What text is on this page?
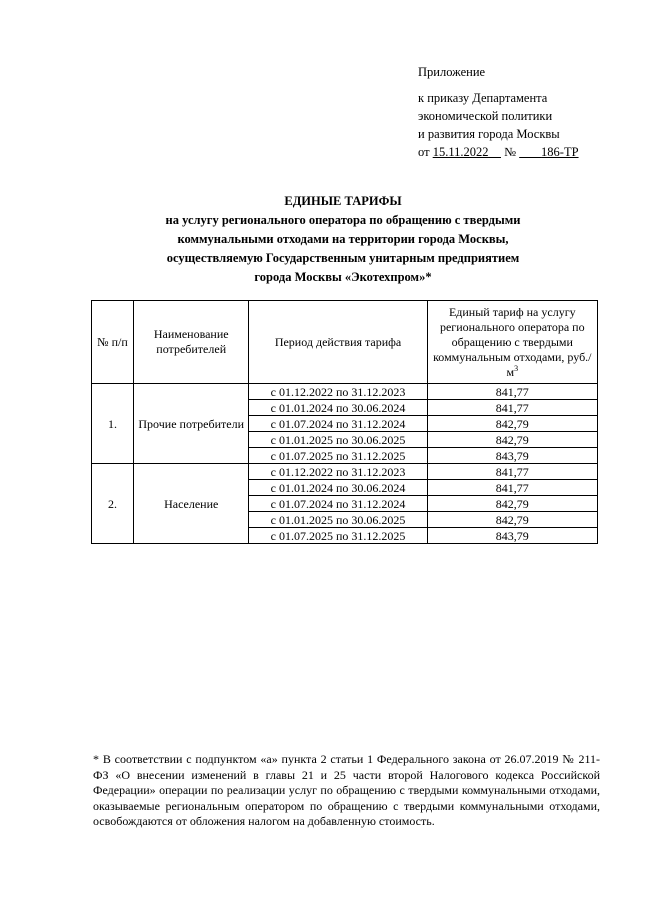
Приложение
к приказу Департамента
экономической политики
и развития города Москвы
от 15.11.2022 № 186-ТР
ЕДИНЫЕ ТАРИФЫ
на услугу регионального оператора по обращению с твердыми
коммунальными отходами на территории города Москвы,
осуществляемую Государственным унитарным предприятием
города Москвы «Экотехпром»*
№ п/п	Наименование потребителей	Период действия тарифа	Единый тариф на услугу регионального оператора по обращению с твердыми коммунальным отходами, $руб./м^3$
1.	Прочие потребители	с 01.12.2022 по 31.12.2023	841,77
		с 01.01.2024 по 30.06.2024	841,77
		с 01.07.2024 по 31.12.2024	842,79
		с 01.01.2025 по 30.06.2025	842,79
		с 01.07.2025 по 31.12.2025	843,79
2.	Население	с 01.12.2022 по 31.12.2023	841,77
		с 01.01.2024 по 30.06.2024	841,77
		с 01.07.2024 по 31.12.2024	842,79
		с 01.01.2025 по 30.06.2025	842,79
		с 01.07.2025 по 31.12.2025	843,79
* В соответствии с подпунктом «а» пункта 2 статьи 1 Федерального закона от 26.07.2019 № 211-ФЗ «О внесении изменений в главы 21 и 25 части второй Налогового кодекса Российской Федерации» операции по реализации услуг по обращению с твердыми коммунальными отходами, оказываемые региональным оператором по обращению с твердыми коммунальными отходами, освобождаются от обложения налогом на добавленную стоимость.
